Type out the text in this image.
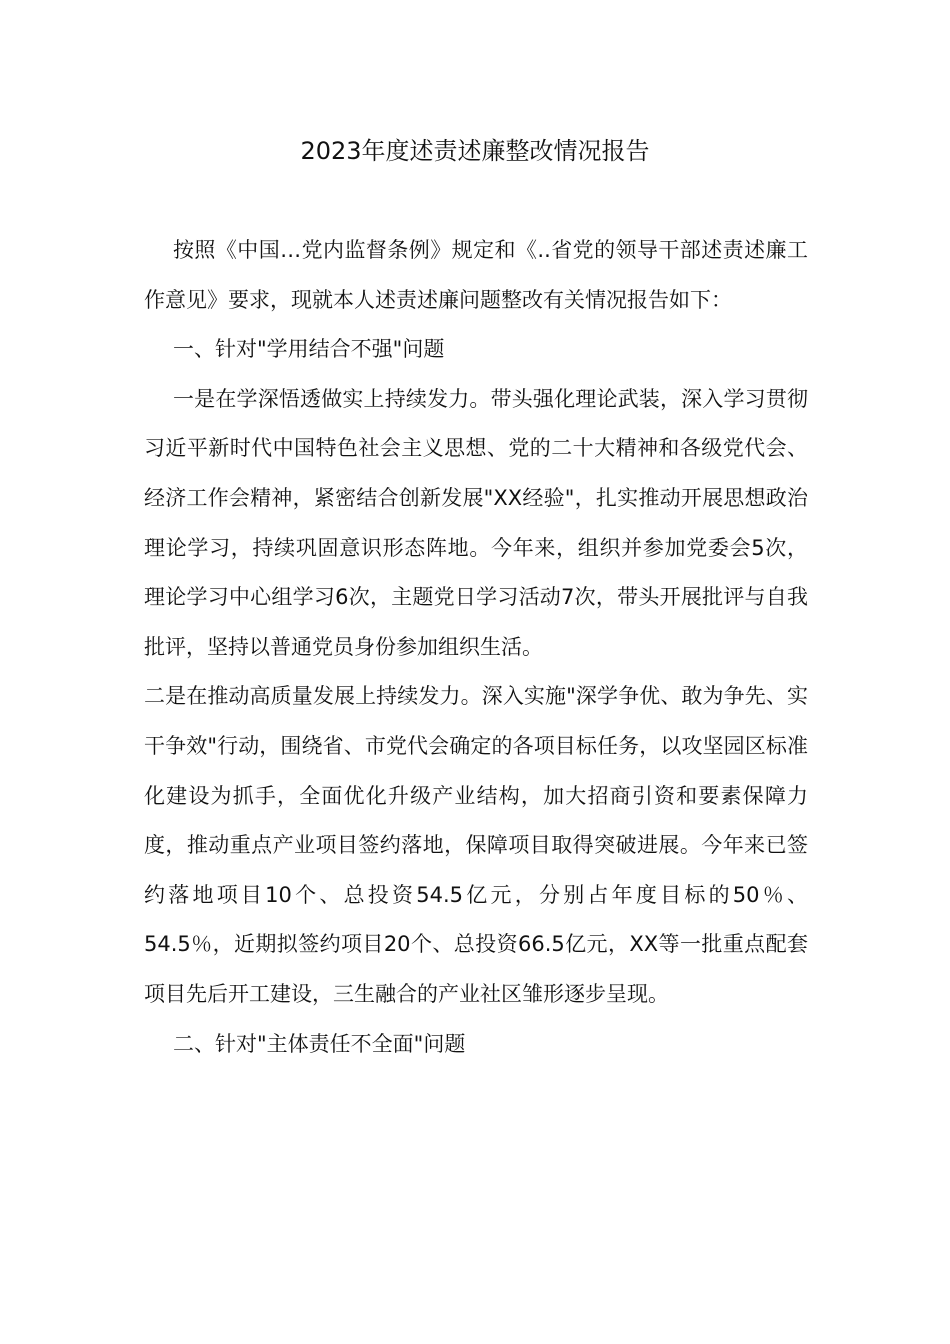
2023年度述责述廉整改情况报告

按照《中国…党内监督条例》规定和《..省党的领导干部述责述廉工作意见》要求，现就本人述责述廉问题整改有关情况报告如下：

一、针对"学用结合不强"问题

一是在学深悟透做实上持续发力。带头强化理论武装，深入学习贯彻习近平新时代中国特色社会主义思想、党的二十大精神和各级党代会、经济工作会精神，紧密结合创新发展"XX经验"，扎实推动开展思想政治理论学习，持续巩固意识形态阵地。今年来，组织并参加党委会5次，理论学习中心组学习6次，主题党日学习活动7次，带头开展批评与自我批评，坚持以普通党员身份参加组织生活。

二是在推动高质量发展上持续发力。深入实施"深学争优、敢为争先、实干争效"行动，围绕省、市党代会确定的各项目标任务，以攻坚园区标准化建设为抓手，全面优化升级产业结构，加大招商引资和要素保障力度，推动重点产业项目签约落地，保障项目取得突破进展。今年来已签约落地项目10个、总投资54.5亿元，分别占年度目标的50％、54.5％，近期拟签约项目20个、总投资66.5亿元，XX等一批重点配套项目先后开工建设，三生融合的产业社区雏形逐步呈现。

二、针对"主体责任不全面"问题
